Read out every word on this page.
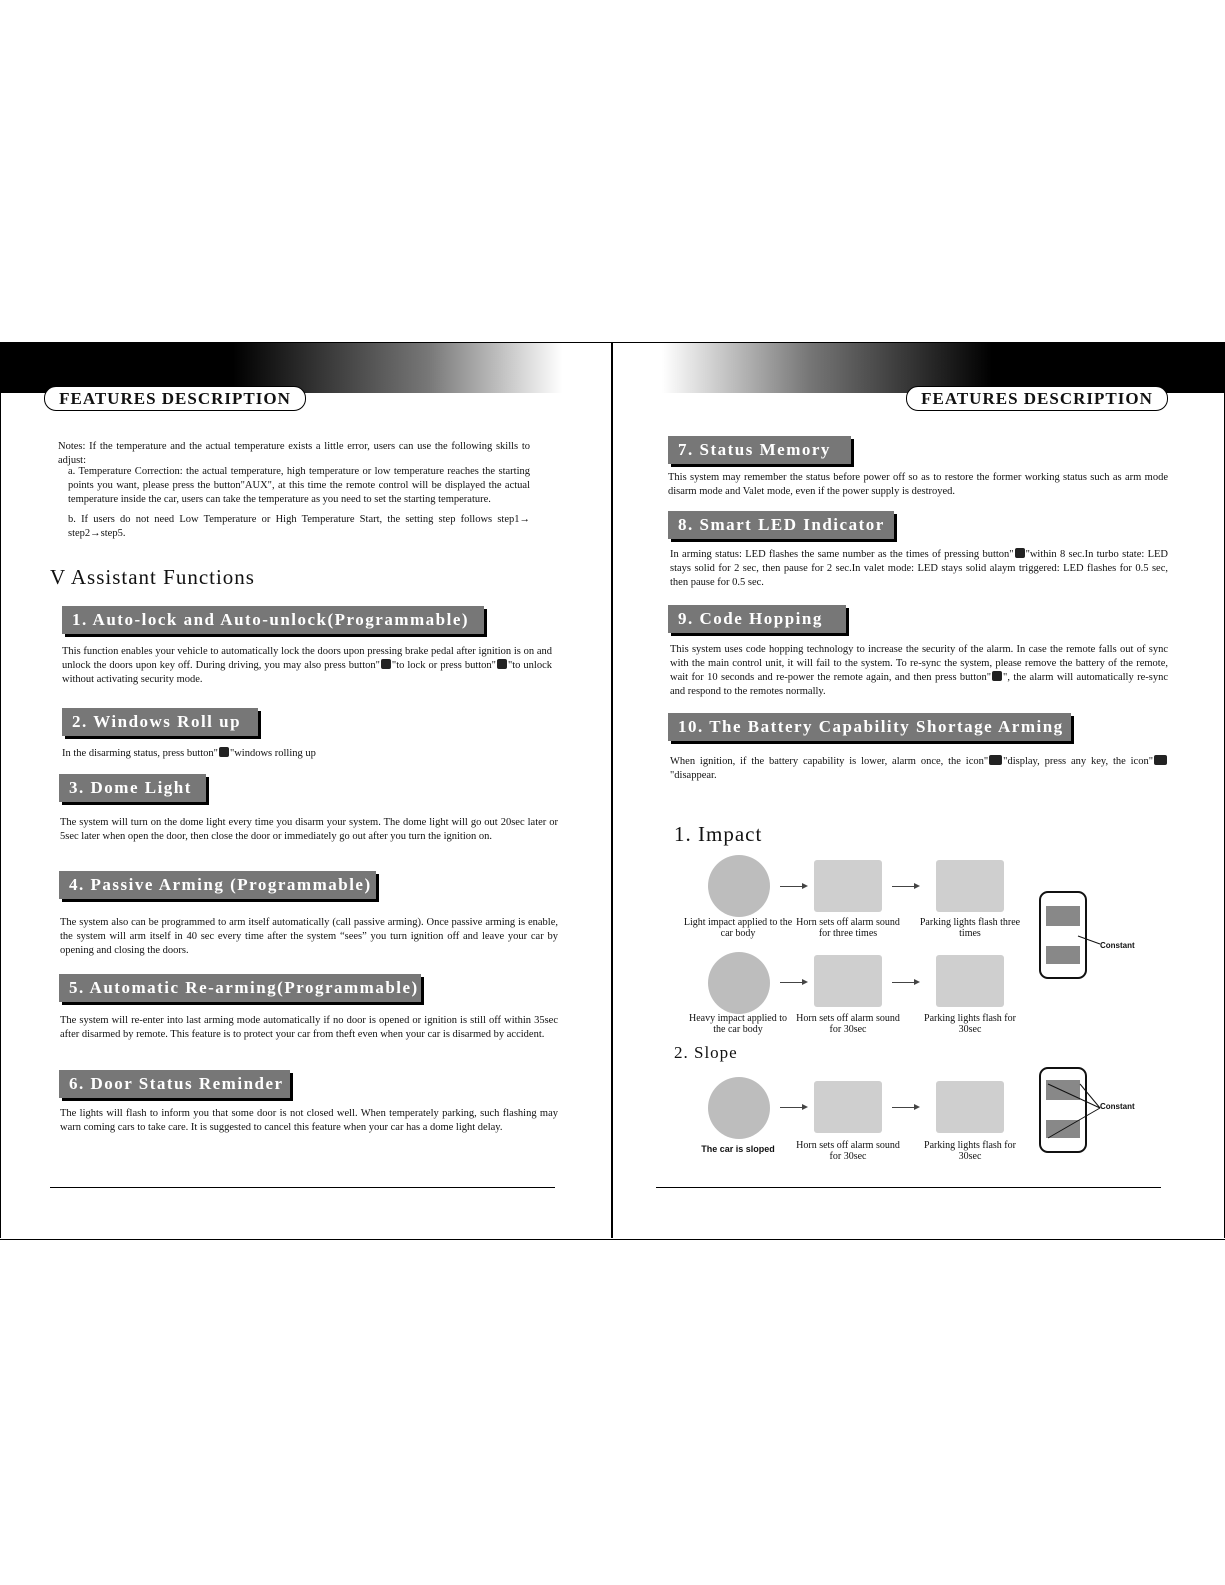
FEATURES DESCRIPTION	FEATURES DESCRIPTION
Notes: If the temperature and the actual temperature exists a little error, users can use the following skills to adjust:
a. Temperature Correction: the actual temperature, high temperature or low temperature reaches the starting points you want, please press the button"AUX", at this time the remote control will be displayed the actual temperature inside the car, users can take the temperature as you need to set the starting temperature.
b. If users do not need Low Temperature or High Temperature Start, the setting step follows step1→ step2→step5.
V Assistant Functions
1. Auto-lock and Auto-unlock(Programmable)
This function enables your vehicle to automatically lock the doors upon pressing brake pedal after ignition is on and unlock the doors upon key off. During driving, you may also press button" "to lock or press button" "to unlock without activating security mode.
2. Windows Roll up
In the disarming status, press button" "windows rolling up
3. Dome Light
The system will turn on the dome light every time you disarm your system. The dome light will go out 20sec later or 5sec later when open the door, then close the door or immediately go out after you turn the ignition on.
4. Passive Arming (Programmable)
The system also can be programmed to arm itself automatically (call passive arming). Once passive arming is enable, the system will arm itself in 40 sec every time after the system “sees” you turn ignition off and leave your car by opening and closing the doors.
5. Automatic Re-arming(Programmable)
The system will re-enter into last arming mode automatically if no door is opened or ignition is still off within 35sec after disarmed by remote. This feature is to protect your car from theft even when your car is disarmed by accident.
6. Door Status Reminder
The lights will flash to inform you that some door is not closed well. When temperately parking, such flashing may warn coming cars to take care. It is suggested to cancel this feature when your car has a dome light delay.
7. Status Memory
This system may remember the status before power off so as to restore the former working status such as arm mode disarm mode and Valet mode, even if the power supply is destroyed.
8. Smart LED Indicator
In arming status: LED flashes the same number as the times of pressing button" "within 8 sec.In turbo state: LED stays solid for 2 sec, then pause for 2 sec.In valet mode: LED stays solid alaym triggered: LED flashes for 0.5 sec, then pause for 0.5 sec.
9. Code Hopping
This system uses code hopping technology to increase the security of the alarm. In case the remote falls out of sync with the main control unit, it will fail to the system. To re-sync the system, please remove the battery of the remote, wait for 10 seconds and re-power the remote again, and then press button" ", the alarm will automatically re-sync and respond to the remotes normally.
10. The Battery Capability Shortage Arming
When ignition, if the battery capability is lower, alarm once, the icon" "display, press any key, the icon""disappear.
1. Impact
Light impact applied to the car body
Horn sets off alarm sound for three times
Parking lights flash three times
Constant
Heavy impact applied to the car body
Horn sets off alarm sound for 30sec
Parking lights flash for 30sec
2. Slope
The car is sloped	Horn sets off alarm sound for 30sec
Parking lights flash for 30sec
Constant
